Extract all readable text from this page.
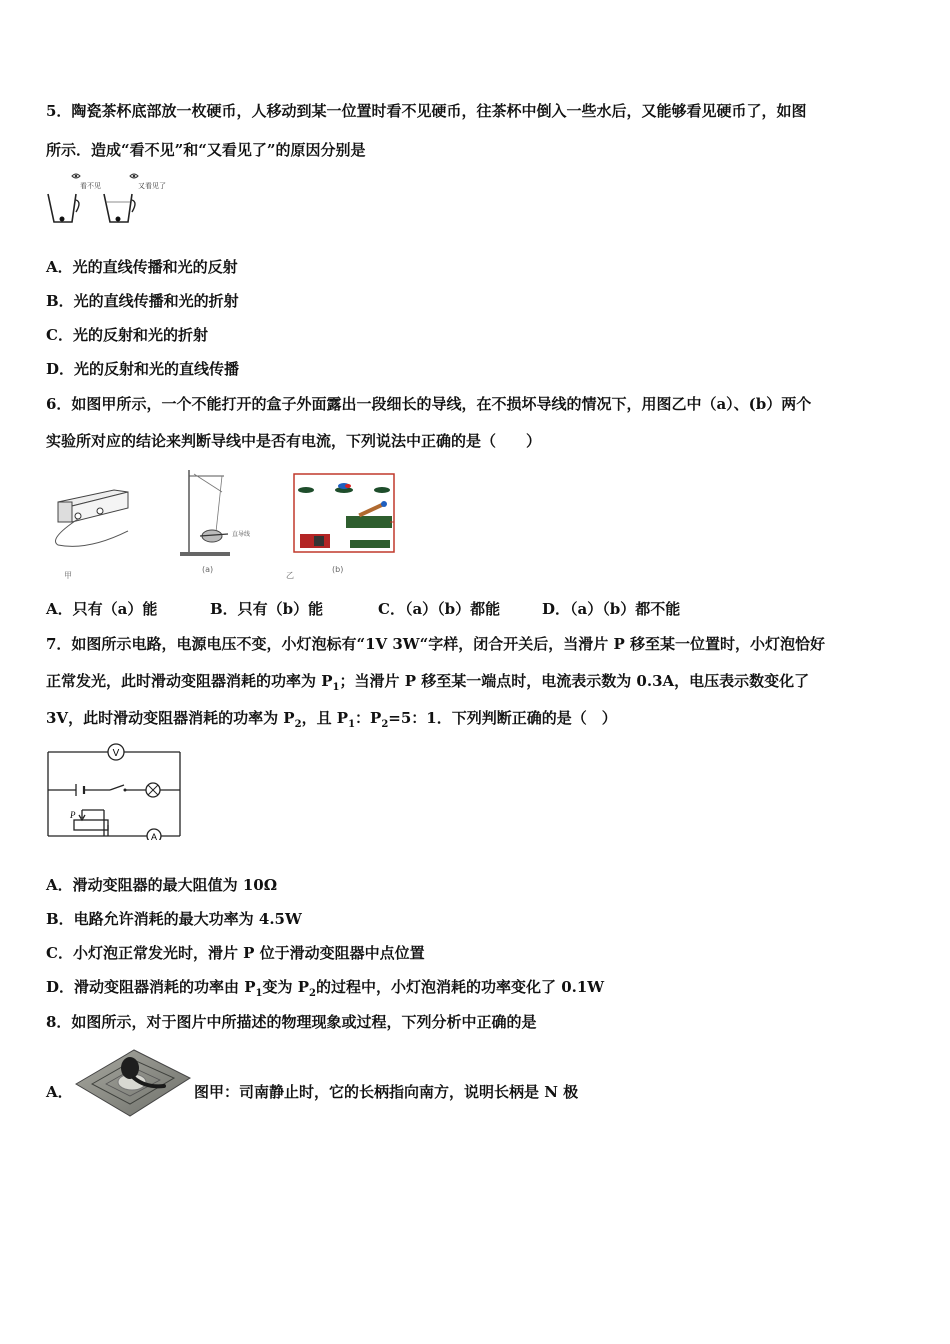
5．陶瓷茶杯底部放一枚硬币，人移动到某一位置时看不见硬币，往茶杯中倒入一些水后，又能够看见硬币了，如图
所示．造成“看不见”和“又看见了”的原因分别是
看不见	又看见了
A．光的直线传播和光的反射
B．光的直线传播和光的折射
C．光的反射和光的折射
D．光的反射和光的直线传播
6．如图甲所示，一个不能打开的盒子外面露出一段细长的导线，在不损坏导线的情况下，用图乙中（a）、(b）两个
实验所对应的结论来判断导线中是否有电流，下列说法中正确的是（　　）
甲
直导线
(a)
乙
(b)
A．只有（a）能	B．只有（b）能	C．（a）（b）都能	D．（a）（b）都不能
7．如图所示电路，电源电压不变，小灯泡标有“1V 3W“字样，闭合开关后，当滑片 P 移至某一位置时，小灯泡恰好
正常发光，此时滑动变阻器消耗的功率为 $P_1$；当滑片 P 移至某一端点时，电流表示数为 0.3A，电压表示数变化了
3V，此时滑动变阻器消耗的功率为 $P_2$，且 $P_1$：$P_2=5$：1．下列判断正确的是（　）
V
A
P
A．滑动变阻器的最大阻值为 10Ω
B．电路允许消耗的最大功率为 4.5W
C．小灯泡正常发光时，滑片 P 位于滑动变阻器中点位置
D．滑动变阻器消耗的功率由 $P_1$变为 $P_2$的过程中，小灯泡消耗的功率变化了 0.1W
8．如图所示，对于图片中所描述的物理现象或过程，下列分析中正确的是
A．	图甲：司南静止时，它的长柄指向南方，说明长柄是 N 极
